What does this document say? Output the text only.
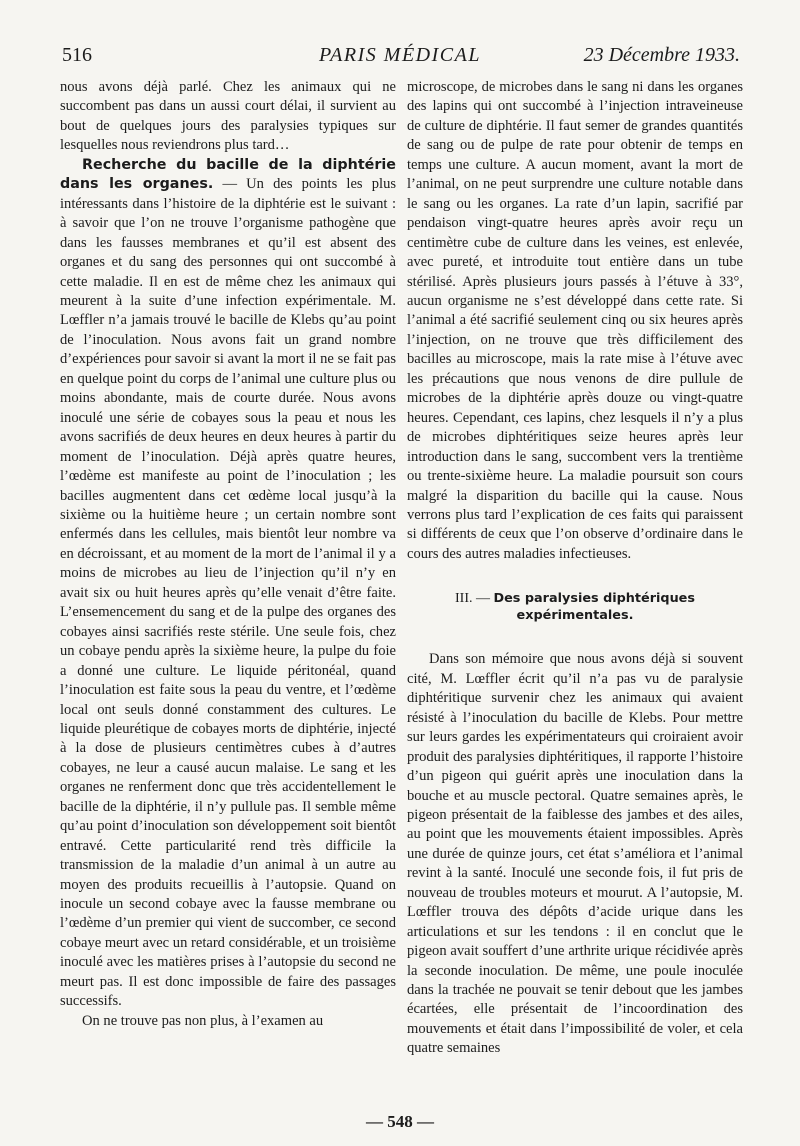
516	PARIS MÉDICAL	23 Décembre 1933.

nous avons déjà parlé. Chez les animaux qui ne succombent pas dans un aussi court délai, il survient au bout de quelques jours des paralysies typiques sur lesquelles nous reviendrons plus tard…

Recherche du bacille de la diphtérie dans les organes. — Un des points les plus intéressants dans l’histoire de la diphtérie est le suivant : à savoir que l’on ne trouve l’organisme pathogène que dans les fausses membranes et qu’il est absent des organes et du sang des personnes qui ont succombé à cette maladie. Il en est de même chez les animaux qui meurent à la suite d’une infection expérimentale. M. Lœffler n’a jamais trouvé le bacille de Klebs qu’au point de l’inoculation. Nous avons fait un grand nombre d’expériences pour savoir si avant la mort il ne se fait pas en quelque point du corps de l’animal une culture plus ou moins abondante, mais de courte durée. Nous avons inoculé une série de cobayes sous la peau et nous les avons sacrifiés de deux heures en deux heures à partir du moment de l’inoculation. Déjà après quatre heures, l’œdème est manifeste au point de l’inoculation ; les bacilles augmentent dans cet œdème local jusqu’à la sixième ou la huitième heure ; un certain nombre sont enfermés dans les cellules, mais bientôt leur nombre va en décroissant, et au moment de la mort de l’animal il y a moins de microbes au lieu de l’injection qu’il n’y en avait six ou huit heures après qu’elle venait d’être faite. L’ensemencement du sang et de la pulpe des organes des cobayes ainsi sacrifiés reste stérile. Une seule fois, chez un cobaye pendu après la sixième heure, la pulpe du foie a donné une culture. Le liquide péritonéal, quand l’inoculation est faite sous la peau du ventre, et l’œdème local ont seuls donné constamment des cultures. Le liquide pleurétique de cobayes morts de diphtérie, injecté à la dose de plusieurs centimètres cubes à d’autres cobayes, ne leur a causé aucun malaise. Le sang et les organes ne renferment donc que très accidentellement le bacille de la diphtérie, il n’y pullule pas. Il semble même qu’au point d’inoculation son développement soit bientôt entravé. Cette particularité rend très difficile la transmission de la maladie d’un animal à un autre au moyen des produits recueillis à l’autopsie. Quand on inocule un second cobaye avec la fausse membrane ou l’œdème d’un premier qui vient de succomber, ce second cobaye meurt avec un retard considérable, et un troisième inoculé avec les matières prises à l’autopsie du second ne meurt pas. Il est donc impossible de faire des passages successifs.

On ne trouve pas non plus, à l’examen au

microscope, de microbes dans le sang ni dans les organes des lapins qui ont succombé à l’injection intraveineuse de culture de diphtérie. Il faut semer de grandes quantités de sang ou de pulpe de rate pour obtenir de temps en temps une culture. A aucun moment, avant la mort de l’animal, on ne peut surprendre une culture notable dans le sang ou les organes. La rate d’un lapin, sacrifié par pendaison vingt-quatre heures après avoir reçu un centimètre cube de culture dans les veines, est enlevée, avec pureté, et introduite tout entière dans un tube stérilisé. Après plusieurs jours passés à l’étuve à 33°, aucun organisme ne s’est développé dans cette rate. Si l’animal a été sacrifié seulement cinq ou six heures après l’injection, on ne trouve que très difficilement des bacilles au microscope, mais la rate mise à l’étuve avec les précautions que nous venons de dire pullule de microbes de la diphtérie après douze ou vingt-quatre heures. Cependant, ces lapins, chez lesquels il n’y a plus de microbes diphtéritiques seize heures après leur introduction dans le sang, succombent vers la trentième ou trente-sixième heure. La maladie poursuit son cours malgré la disparition du bacille qui la cause. Nous verrons plus tard l’explication de ces faits qui paraissent si différents de ceux que l’on observe d’ordinaire dans le cours des autres maladies infectieuses.

III. — Des paralysies diphtériques expérimentales.

Dans son mémoire que nous avons déjà si souvent cité, M. Lœffler écrit qu’il n’a pas vu de paralysie diphtéritique survenir chez les animaux qui avaient résisté à l’inoculation du bacille de Klebs. Pour mettre sur leurs gardes les expérimentateurs qui croiraient avoir produit des paralysies diphtéritiques, il rapporte l’histoire d’un pigeon qui guérit après une inoculation dans la bouche et au muscle pectoral. Quatre semaines après, le pigeon présentait de la faiblesse des jambes et des ailes, au point que les mouvements étaient impossibles. Après une durée de quinze jours, cet état s’améliora et l’animal revint à la santé. Inoculé une seconde fois, il fut pris de nouveau de troubles moteurs et mourut. A l’autopsie, M. Lœffler trouva des dépôts d’acide urique dans les articulations et sur les tendons : il en conclut que le pigeon avait souffert d’une arthrite urique récidivée après la seconde inoculation. De même, une poule inoculée dans la trachée ne pouvait se tenir debout que les jambes écartées, elle présentait de l’incoordination des mouvements et était dans l’impossibilité de voler, et cela quatre semaines

— 548 —
